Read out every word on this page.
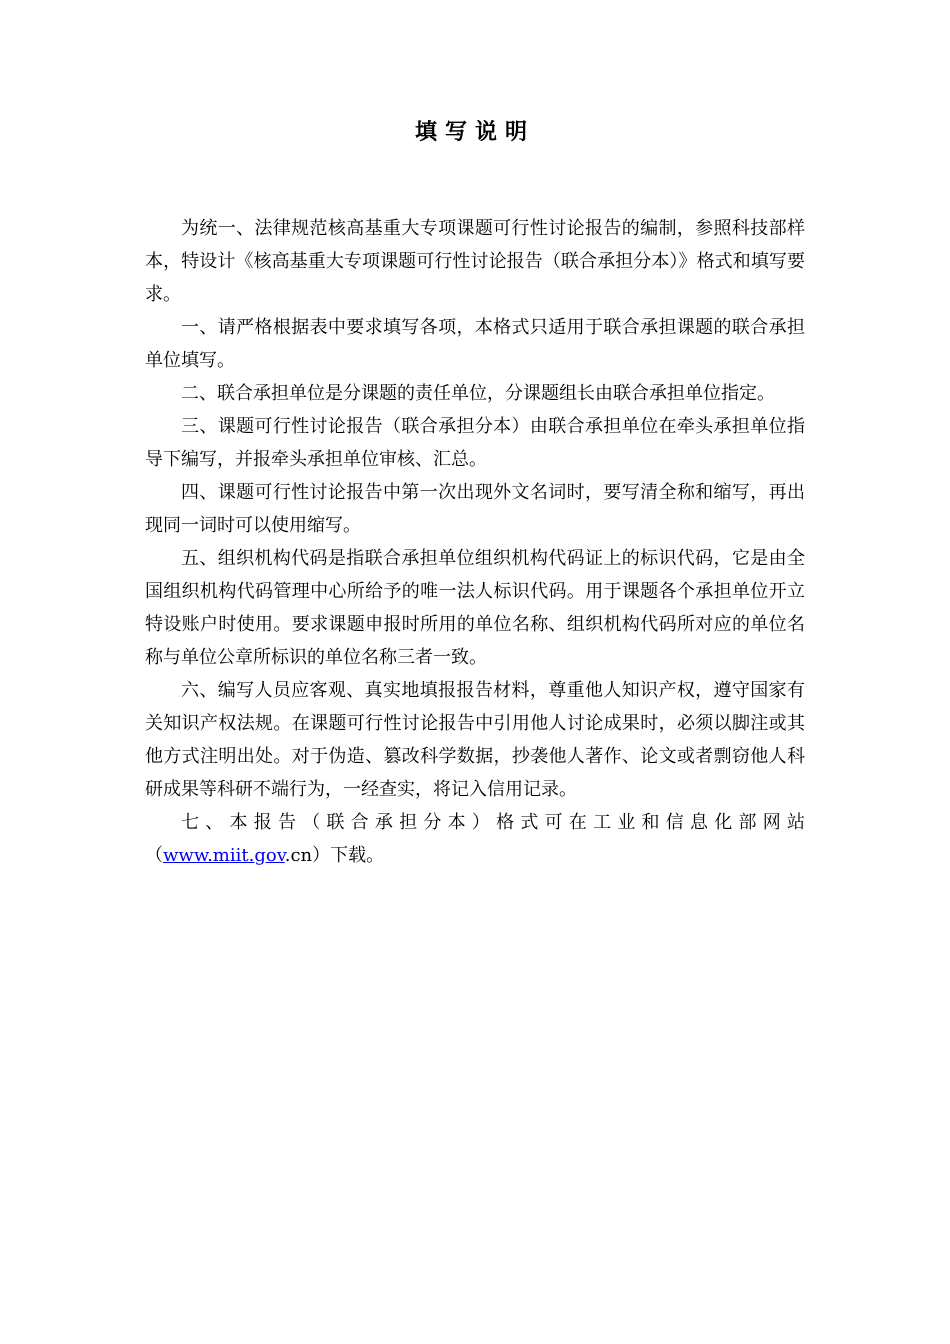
填写说明

为统一、法律规范核高基重大专项课题可行性讨论报告的编制，参照科技部样本，特设计《核高基重大专项课题可行性讨论报告（联合承担分本）》格式和填写要求。

一、请严格根据表中要求填写各项，本格式只适用于联合承担课题的联合承担单位填写。

二、联合承担单位是分课题的责任单位，分课题组长由联合承担单位指定。

三、课题可行性讨论报告（联合承担分本）由联合承担单位在牵头承担单位指导下编写，并报牵头承担单位审核、汇总。

四、课题可行性讨论报告中第一次出现外文名词时，要写清全称和缩写，再出现同一词时可以使用缩写。

五、组织机构代码是指联合承担单位组织机构代码证上的标识代码，它是由全国组织机构代码管理中心所给予的唯一法人标识代码。用于课题各个承担单位开立特设账户时使用。要求课题申报时所用的单位名称、组织机构代码所对应的单位名称与单位公章所标识的单位名称三者一致。

六、编写人员应客观、真实地填报报告材料，尊重他人知识产权，遵守国家有关知识产权法规。在课题可行性讨论报告中引用他人讨论成果时，必须以脚注或其他方式注明出处。对于伪造、篡改科学数据，抄袭他人著作、论文或者剽窃他人科研成果等科研不端行为，一经查实，将记入信用记录。

七、本报告（联合承担分本）格式可在工业和信息化部网站

（www.miit.gov.cn）下载。
